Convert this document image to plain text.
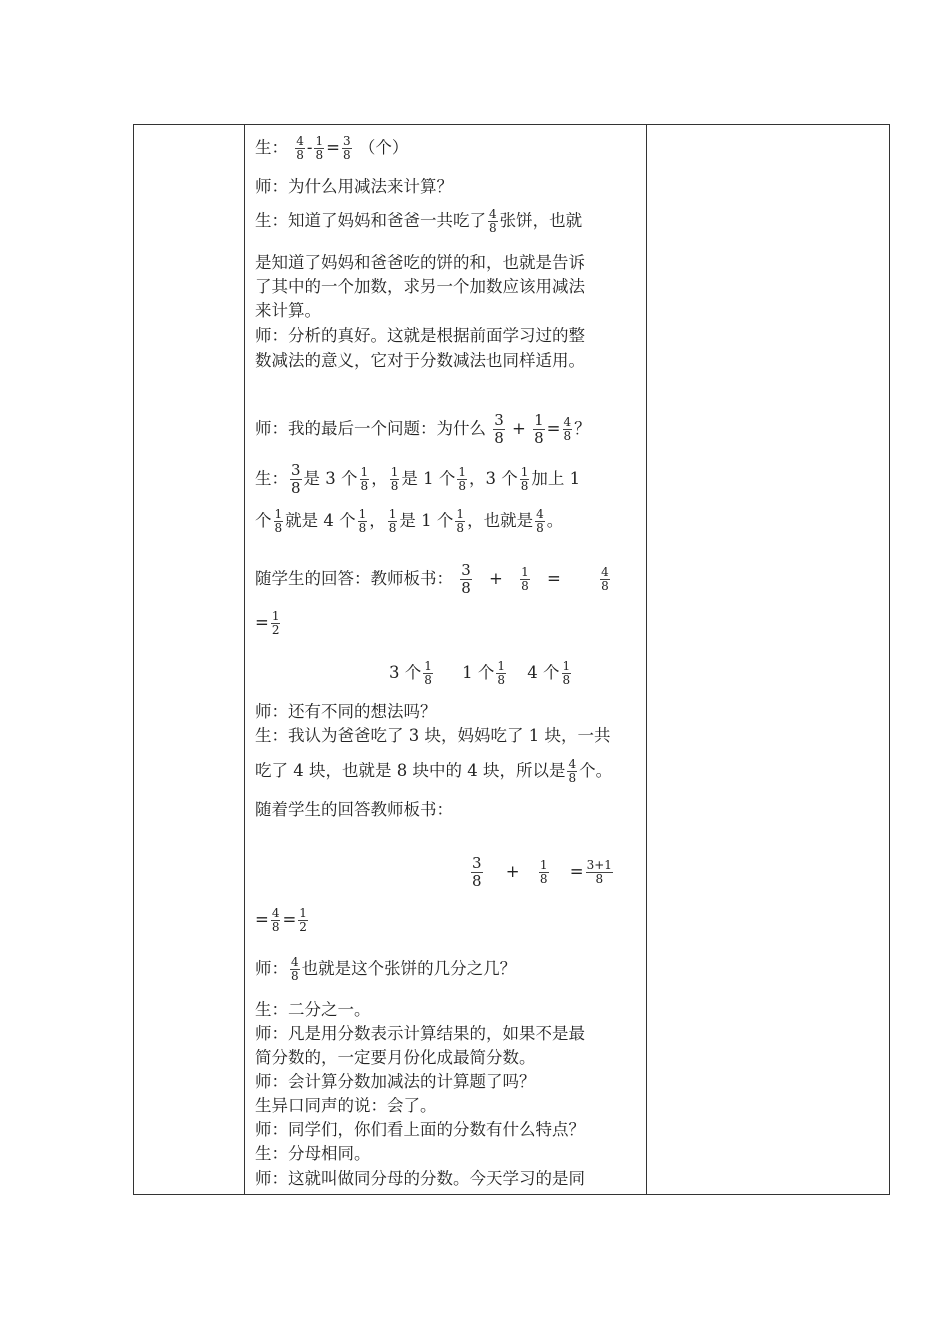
生： $\frac{4}{8} - \frac{1}{8} = \frac{3}{8}$ （个）
师：为什么用减法来计算？
生：知道了妈妈和爸爸一共吃了 $\frac{4}{8}$ 张饼，也就
是知道了妈妈和爸爸吃的饼的和，也就是告诉
了其中的一个加数，求另一个加数应该用减法
来计算。
师：分析的真好。这就是根据前面学习过的整
数减法的意义，它对于分数减法也同样适用。
师：我的最后一个问题：为什么 $\frac{3}{8} + \frac{1}{8} = \frac{4}{8}$ ？
生： $\frac{3}{8}$ 是 3 个 $\frac{1}{8}$ ， $\frac{1}{8}$ 是 1 个 $\frac{1}{8}$ ，3 个 $\frac{1}{8}$ 加上 1
个 $\frac{1}{8}$ 就是 4 个 $\frac{1}{8}$ ， $\frac{1}{8}$ 是 1 个 $\frac{1}{8}$ ，也就是 $\frac{4}{8}$ 。
随学生的回答：教师板书： $\frac{3}{8} + \frac{1}{8}$ =	$\frac{4}{8}$
= $\frac{1}{2}$
3 个 $\frac{1}{8} 1$ 个 $\frac{1}{8} 4$ 个 $\frac{1}{8}$
师：还有不同的想法吗？
生：我认为爸爸吃了 3 块，妈妈吃了 1 块，一共
吃了 4 块，也就是 8 块中的 4 块，所以是 $\frac{4}{8}$ 个。
随着学生的回答教师板书：
$\frac{3}{8} + \frac{1}{8} = \frac{3+1}{8}$
= $\frac{4}{8} = \frac{1}{2}$
师： $\frac{4}{8}$ 也就是这个张饼的几分之几？
生：二分之一。
师：凡是用分数表示计算结果的，如果不是最
简分数的，一定要月份化成最简分数。
师：会计算分数加减法的计算题了吗？
生异口同声的说：会了。
师：同学们，你们看上面的分数有什么特点？
生：分母相同。
师：这就叫做同分母的分数。今天学习的是同
